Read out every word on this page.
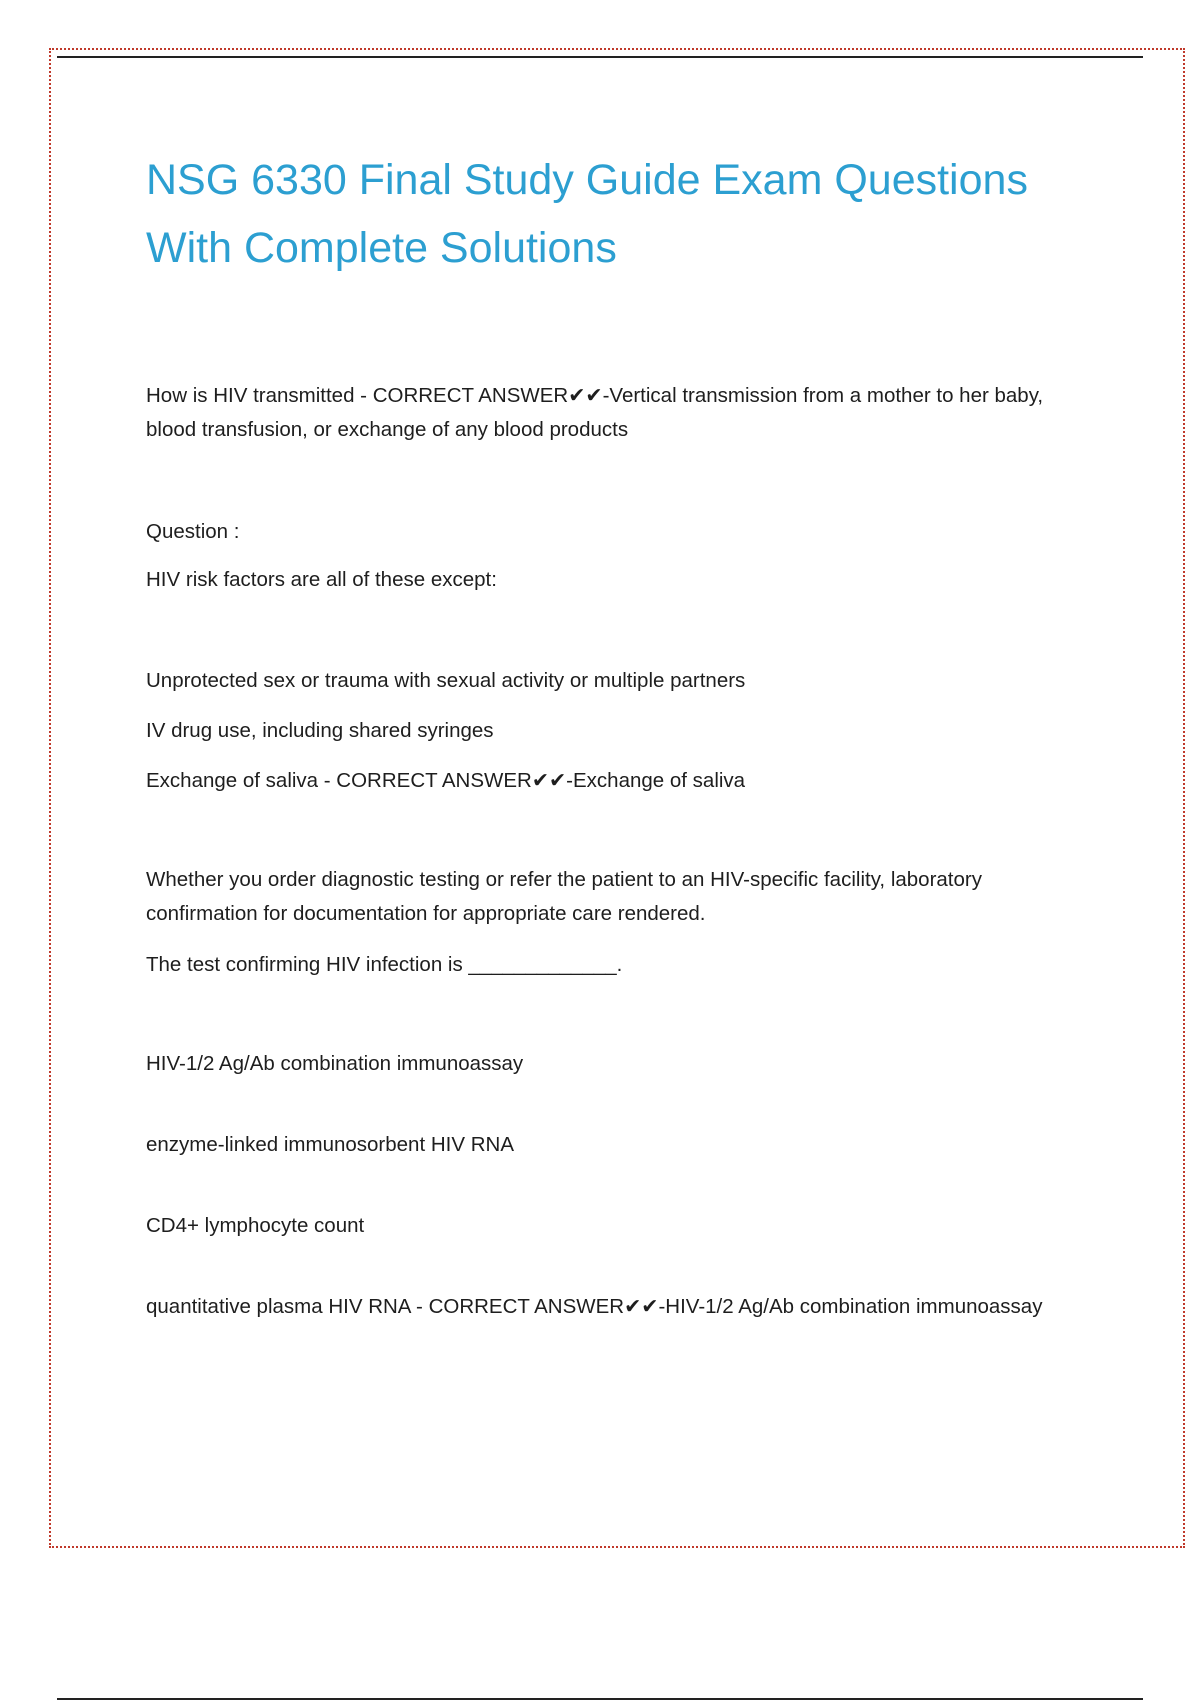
NSG 6330 Final Study Guide Exam Questions With Complete Solutions

How is HIV transmitted - CORRECT ANSWER✔✔-Vertical transmission from a mother to her baby, blood transfusion, or exchange of any blood products

Question :

HIV risk factors are all of these except:

Unprotected sex or trauma with sexual activity or multiple partners

IV drug use, including shared syringes

Exchange of saliva - CORRECT ANSWER✔✔-Exchange of saliva

Whether you order diagnostic testing or refer the patient to an HIV-specific facility, laboratory confirmation for documentation for appropriate care rendered.

The test confirming HIV infection is _____________.

HIV-1/2 Ag/Ab combination immunoassay

enzyme-linked immunosorbent HIV RNA

CD4+ lymphocyte count

quantitative plasma HIV RNA - CORRECT ANSWER✔✔-HIV-1/2 Ag/Ab combination immunoassay
